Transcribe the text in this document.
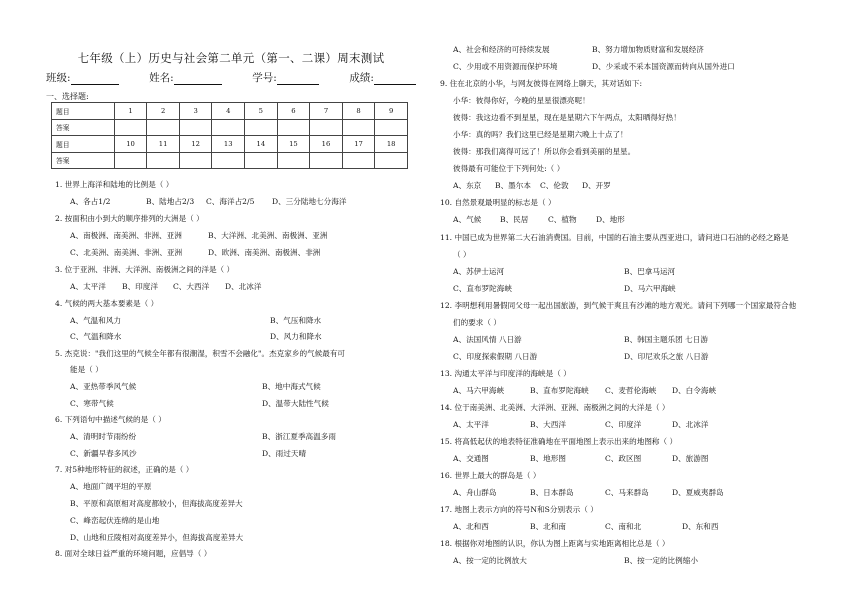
七年级（上）历史与社会第二单元（第一、二课）周末测试
班级:	姓名:	学号:	成绩:
一、选择题:
题目	1	2	3	4	5	6	7	8	9
答案									
题目	10	11	12	13	14	15	16	17	18
答案									
1. 世界上海洋和陆地的比例是（ ）
A、各占1/2	B、陆地占2/3 C、海洋占2/5 D、三分陆地七分海洋
2. 按面积由小到大的顺序排列的大洲是（ ）
A、南极洲、南美洲、非洲、亚洲	B、大洋洲、北美洲、南极洲、亚洲
C、北美洲、南美洲、非洲、亚洲	D、欧洲、南美洲、南极洲、非洲
3. 位于亚洲、非洲、大洋洲、南极洲之间的洋是（ ）
A、太平洋 B、印度洋 C、大西洋 D、北冰洋
4. 气候的两大基本要素是（ ）
A、气温和风力	B、气压和降水
C、气温和降水	D、风力和降水
5. 杰克说："我们这里的气候全年都有很潮湿，积雪不会融化"。杰克家乡的气候最有可
能是（ ）
A、亚热带季风气候	B、地中海式气候
C、寒带气候	D、温带大陆性气候
6. 下列语句中描述气候的是（ ）
A、清明时节雨纷纷	B、浙江夏季高温多雨
C、新疆早春多风沙	D、雨过天晴
7. 对5种地形特征的叙述，正确的是（ ）
A、地面广阔平坦的平原
B、平原和高原相对高度都较小，但海拔高度差异大
C、峰峦起伏连绵的是山地
D、山地和丘陵相对高度差异小，但海拔高度差异大
8. 面对全球日益严重的环境问题，应倡导（ ）
A、社会和经济的可持续发展	B、努力增加物质财富和发展经济
C、少用或不用资源而保护环境	D、少采或不采本国资源而转向从国外进口
9. 住在北京的小华，与网友彼得在网络上聊天，其对话如下:
小华：彼得你好，今晚的星星很漂亮呢！
彼得：我这边看不到星星，现在是星期六下午两点，太阳晒得好热！
小华：真的吗？我们这里已经是星期六晚上十点了！
彼得：那我们离得可远了！所以你会看到美丽的星星。
彼得最有可能位于下列何处:（ ）
A、东京 B、墨尔本 C、伦敦 D、开罗
10. 自然景观最明显的标志是（ ）
A、气候 B、民居	C、植物	D、地形
11. 中国已成为世界第二大石油消费国。目前，中国的石油主要从西亚进口，请问进口石油的必经之路是
（ ）
A、苏伊士运河	B、巴拿马运河
C、直布罗陀海峡	D、马六甲海峡
12. 李明想利用暑假同父母一起出国旅游，到气候干爽且有沙滩的地方观光。请问下列哪一个国家最符合他
们的要求（ ）
A、法国风情 八日游	B、韩国主题乐团 七日游
C、印度探索假期 八日游	D、印尼欢乐之旅 八日游
13. 沟通太平洋与印度洋的海峡是（ ）
A、马六甲海峡	B、直布罗陀海峡 C、麦哲伦海峡 D、白令海峡
14. 位于南美洲、北美洲、大洋洲、亚洲、南极洲之间的大洋是（ ）
A、太平洋	B、大西洋	C、印度洋	D、北冰洋
15. 将高低起伏的地表特征准确地在平面地图上表示出来的地图称（ ）
A、交通图	B、地形图	C、政区图	D、旅游图
16. 世界上最大的群岛是（ ）
A、舟山群岛	B、日本群岛	C、马来群岛	D、夏威夷群岛
17. 地图上表示方向的符号N和S分别表示（ ）
A、北和西	B、北和南	C、南和北	D、东和西
18. 根据你对地图的认识，你认为图上距离与实地距离相比总是（ ）
A、按一定的比例放大	B、按一定的比例缩小
